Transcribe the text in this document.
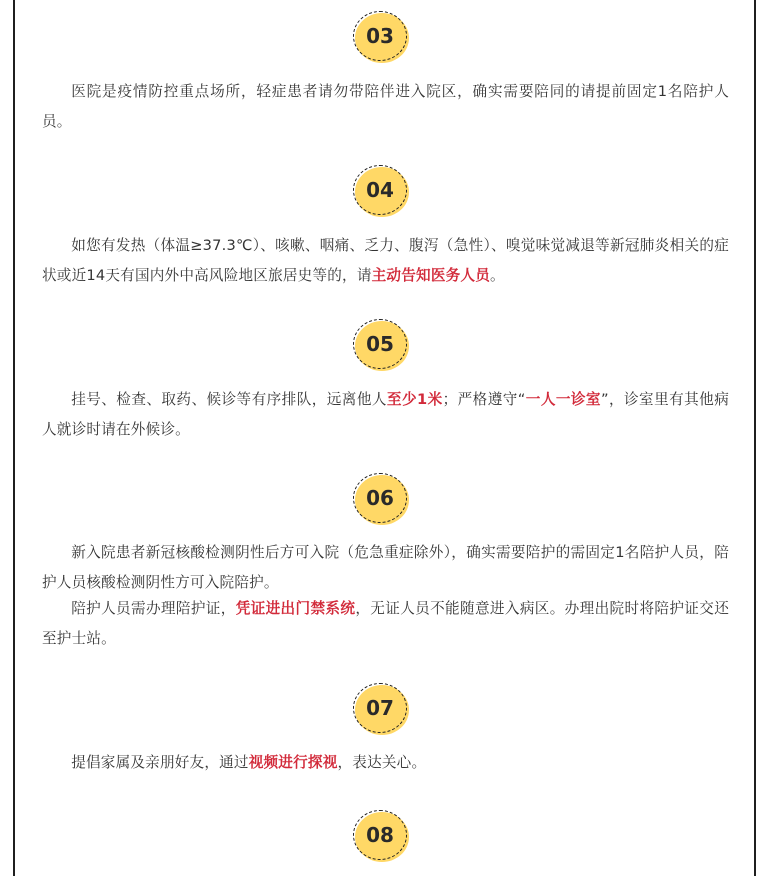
03

医院是疫情防控重点场所，轻症患者请勿带陪伴进入院区，确实需要陪同的请提前固定1名陪护人员。

04

如您有发热（体温≥37.3℃）、咳嗽、咽痛、乏力、腹泻（急性）、嗅觉味觉减退等新冠肺炎相关的症状或近14天有国内外中高风险地区旅居史等的，请主动告知医务人员。

05

挂号、检查、取药、候诊等有序排队，远离他人至少1米；严格遵守“一人一诊室”，诊室里有其他病人就诊时请在外候诊。

06

新入院患者新冠核酸检测阴性后方可入院（危急重症除外），确实需要陪护的需固定1名陪护人员，陪护人员核酸检测阴性方可入院陪护。

陪护人员需办理陪护证，凭证进出门禁系统，无证人员不能随意进入病区。办理出院时将陪护证交还至护士站。

07

提倡家属及亲朋好友，通过视频进行探视，表达关心。

08
